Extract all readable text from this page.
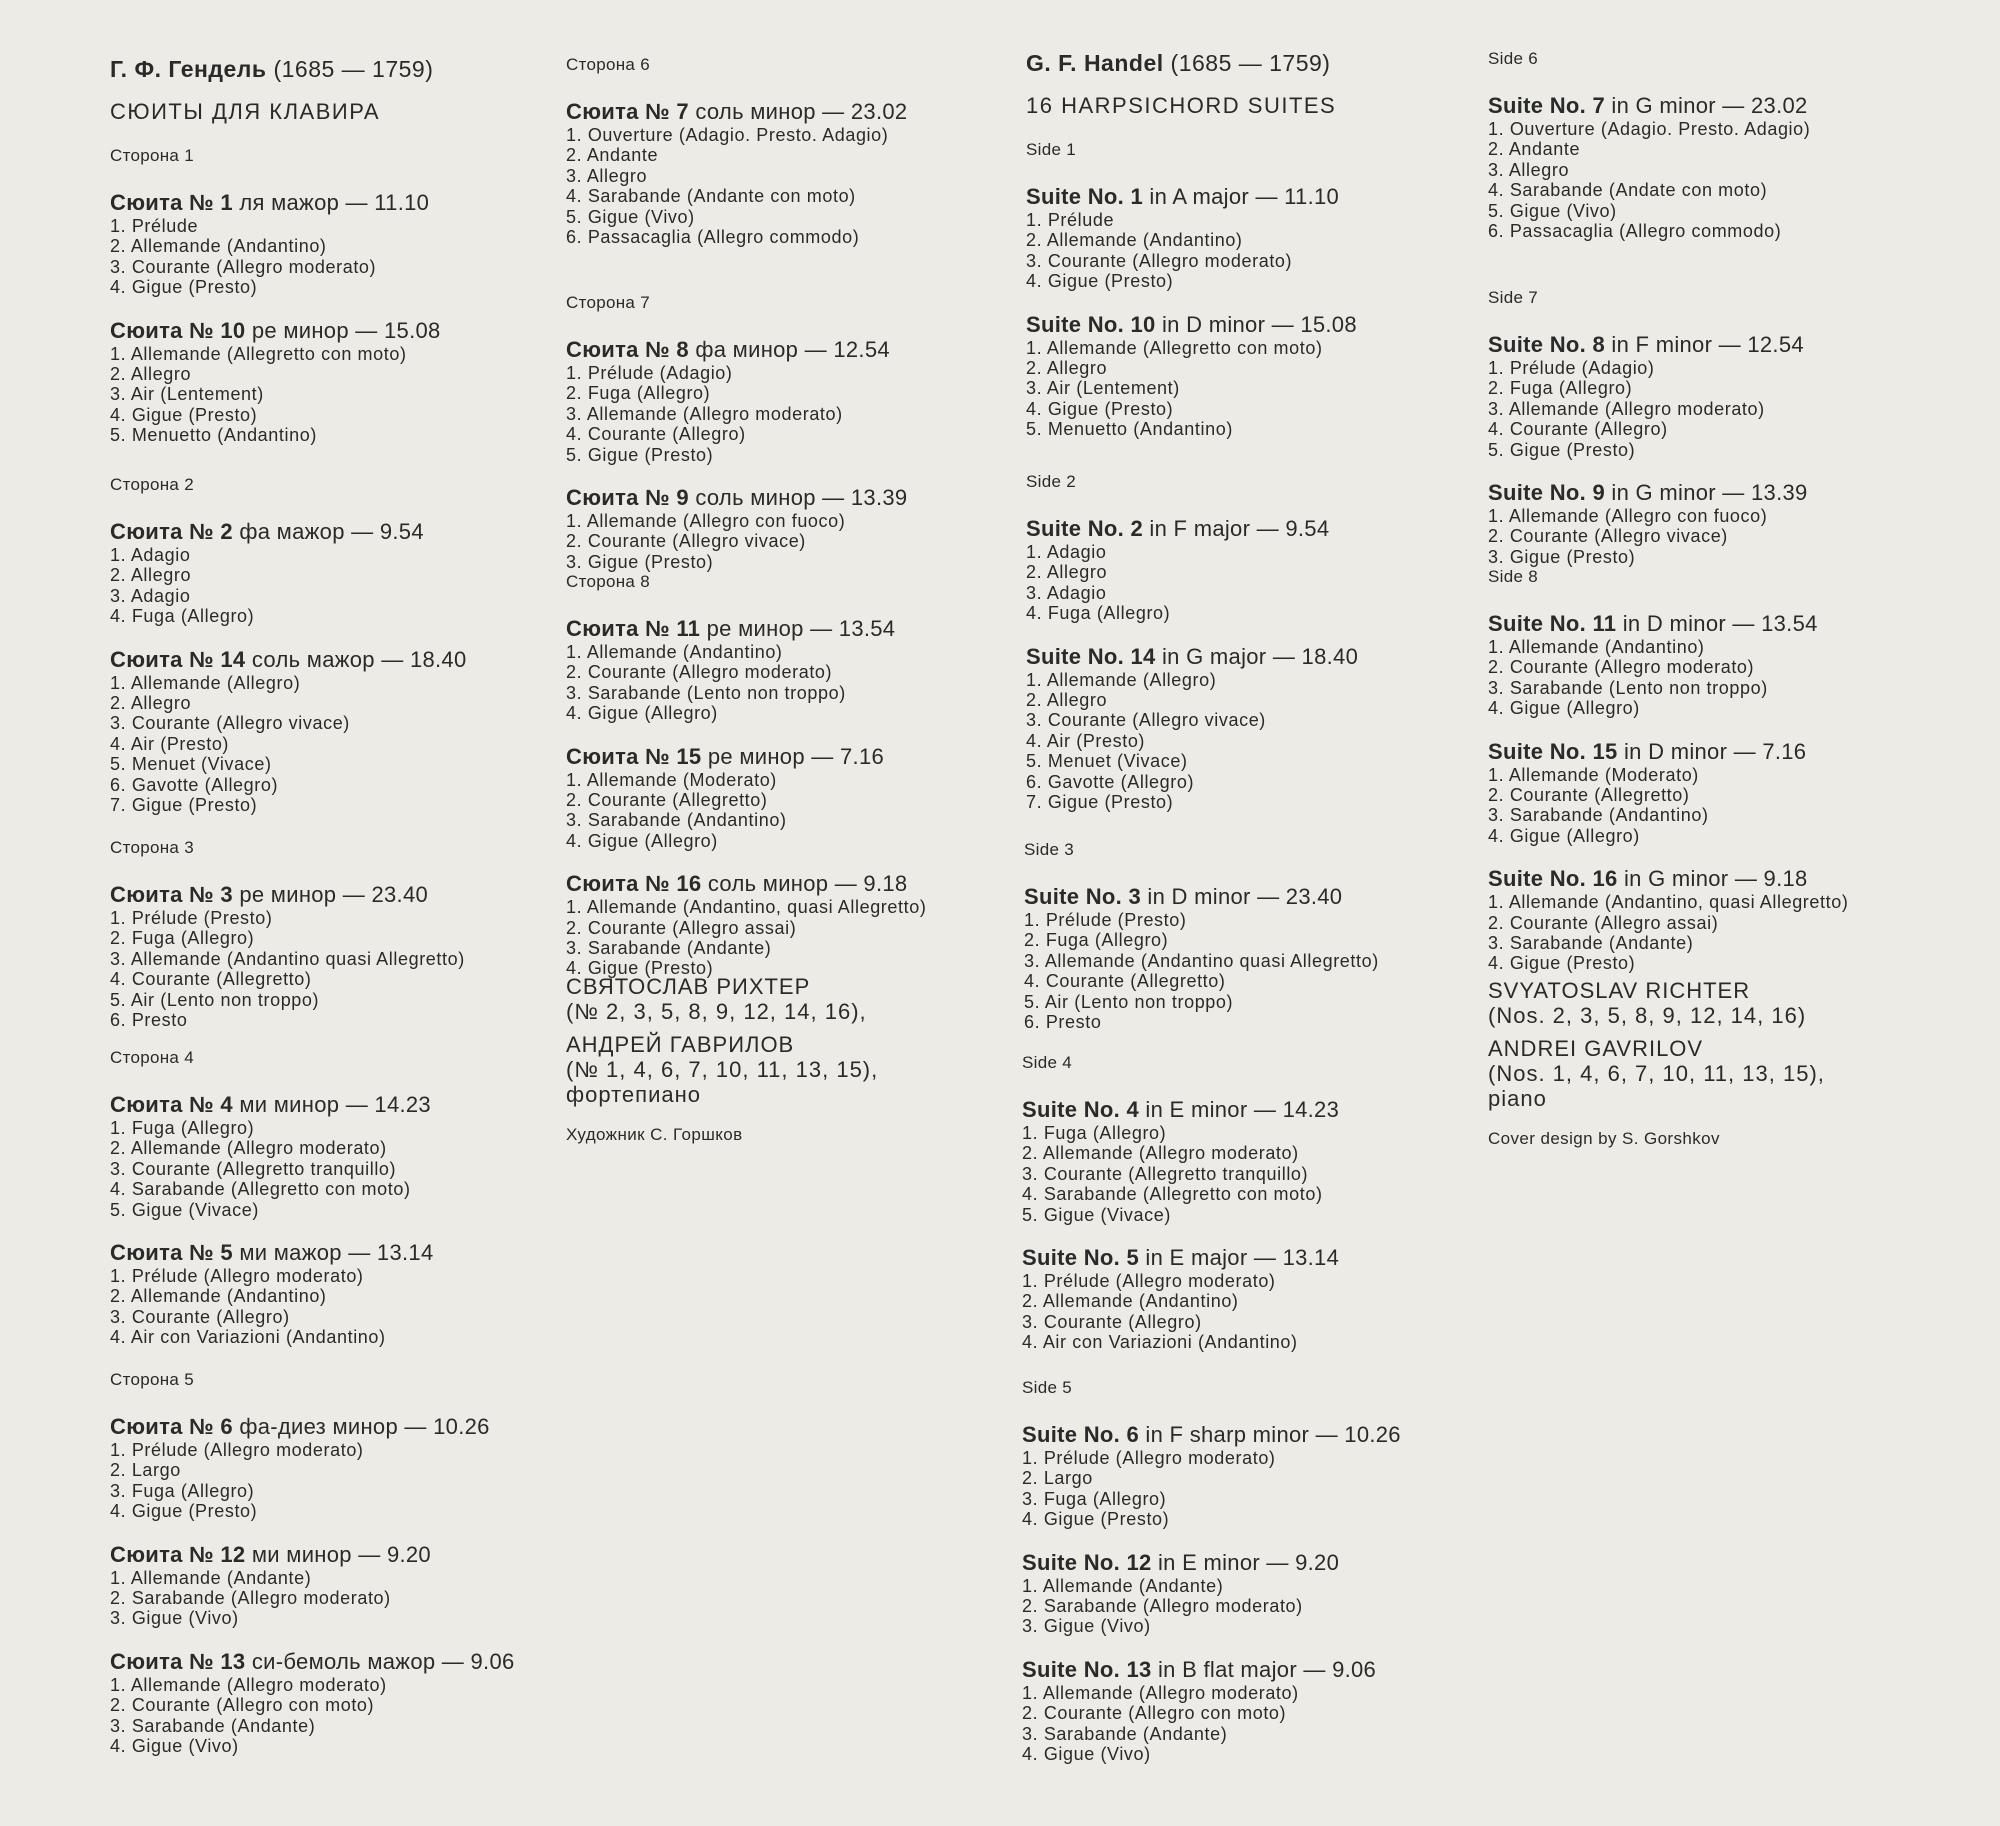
Г. Ф. Гендель (1685 — 1759)
СЮИТЫ ДЛЯ КЛАВИРА
Сторона 1
Сюита № 1 ля мажор — 11.10
1. Prélude
2. Allemande (Andantino)
3. Courante (Allegro moderato)
4. Gigue (Presto)
Сюита № 10 ре минор — 15.08
1. Allemande (Allegretto con moto)
2. Allegro
3. Air (Lentement)
4. Gigue (Presto)
5. Menuetto (Andantino)
Сторона 2
Сюита № 2 фа мажор — 9.54
1. Adagio
2. Allegro
3. Adagio
4. Fuga (Allegro)
Сюита № 14 соль мажор — 18.40
1. Allemande (Allegro)
2. Allegro
3. Courante (Allegro vivace)
4. Air (Presto)
5. Menuet (Vivace)
6. Gavotte (Allegro)
7. Gigue (Presto)
Сторона 3
Сюита № 3 ре минор — 23.40
1. Prélude (Presto)
2. Fuga (Allegro)
3. Allemande (Andantino quasi Allegretto)
4. Courante (Allegretto)
5. Air (Lento non troppo)
6. Presto
Сторона 4
Сюита № 4 ми минор — 14.23
1. Fuga (Allegro)
2. Allemande (Allegro moderato)
3. Courante (Allegretto tranquillo)
4. Sarabande (Allegretto con moto)
5. Gigue (Vivace)
Сюита № 5 ми мажор — 13.14
1. Prélude (Allegro moderato)
2. Allemande (Andantino)
3. Courante (Allegro)
4. Air con Variazioni (Andantino)
Сторона 5
Сюита № 6 фа-диез минор — 10.26
1. Prélude (Allegro moderato)
2. Largo
3. Fuga (Allegro)
4. Gigue (Presto)
Сюита № 12 ми минор — 9.20
1. Allemande (Andante)
2. Sarabande (Allegro moderato)
3. Gigue (Vivo)
Сюита № 13 си-бемоль мажор — 9.06
1. Allemande (Allegro moderato)
2. Courante (Allegro con moto)
3. Sarabande (Andante)
4. Gigue (Vivo)
Сторона 6
Сюита № 7 соль минор — 23.02
1. Ouverture (Adagio. Presto. Adagio)
2. Andante
3. Allegro
4. Sarabande (Andante con moto)
5. Gigue (Vivo)
6. Passacaglia (Allegro commodo)
Сторона 7
Сюита № 8 фа минор — 12.54
1. Prélude (Adagio)
2. Fuga (Allegro)
3. Allemande (Allegro moderato)
4. Courante (Allegro)
5. Gigue (Presto)
Сюита № 9 соль минор — 13.39
1. Allemande (Allegro con fuoco)
2. Courante (Allegro vivace)
3. Gigue (Presto)
Сторона 8
Сюита № 11 ре минор — 13.54
1. Allemande (Andantino)
2. Courante (Allegro moderato)
3. Sarabande (Lento non troppo)
4. Gigue (Allegro)
Сюита № 15 ре минор — 7.16
1. Allemande (Moderato)
2. Courante (Allegretto)
3. Sarabande (Andantino)
4. Gigue (Allegro)
Сюита № 16 соль минор — 9.18
1. Allemande (Andantino, quasi Allegretto)
2. Courante (Allegro assai)
3. Sarabande (Andante)
4. Gigue (Presto)
СВЯТОСЛАВ РИХТЕР
(№ 2, 3, 5, 8, 9, 12, 14, 16),
АНДРЕЙ ГАВРИЛОВ
(№ 1, 4, 6, 7, 10, 11, 13, 15),
фортепиано
Художник С. Горшков
G. F. Handel (1685 — 1759)
16 HARPSICHORD SUITES
Side 1
Suite No. 1 in A major — 11.10
1. Prélude
2. Allemande (Andantino)
3. Courante (Allegro moderato)
4. Gigue (Presto)
Suite No. 10 in D minor — 15.08
1. Allemande (Allegretto con moto)
2. Allegro
3. Air (Lentement)
4. Gigue (Presto)
5. Menuetto (Andantino)
Side 2
Suite No. 2 in F major — 9.54
1. Adagio
2. Allegro
3. Adagio
4. Fuga (Allegro)
Suite No. 14 in G major — 18.40
1. Allemande (Allegro)
2. Allegro
3. Courante (Allegro vivace)
4. Air (Presto)
5. Menuet (Vivace)
6. Gavotte (Allegro)
7. Gigue (Presto)
Side 3
Suite No. 3 in D minor — 23.40
1. Prélude (Presto)
2. Fuga (Allegro)
3. Allemande (Andantino quasi Allegretto)
4. Courante (Allegretto)
5. Air (Lento non troppo)
6. Presto
Side 4
Suite No. 4 in E minor — 14.23
1. Fuga (Allegro)
2. Allemande (Allegro moderato)
3. Courante (Allegretto tranquillo)
4. Sarabande (Allegretto con moto)
5. Gigue (Vivace)
Suite No. 5 in E major — 13.14
1. Prélude (Allegro moderato)
2. Allemande (Andantino)
3. Courante (Allegro)
4. Air con Variazioni (Andantino)
Side 5
Suite No. 6 in F sharp minor — 10.26
1. Prélude (Allegro moderato)
2. Largo
3. Fuga (Allegro)
4. Gigue (Presto)
Suite No. 12 in E minor — 9.20
1. Allemande (Andante)
2. Sarabande (Allegro moderato)
3. Gigue (Vivo)
Suite No. 13 in B flat major — 9.06
1. Allemande (Allegro moderato)
2. Courante (Allegro con moto)
3. Sarabande (Andante)
4. Gigue (Vivo)
Side 6
Suite No. 7 in G minor — 23.02
1. Ouverture (Adagio. Presto. Adagio)
2. Andante
3. Allegro
4. Sarabande (Andate con moto)
5. Gigue (Vivo)
6. Passacaglia (Allegro commodo)
Side 7
Suite No. 8 in F minor — 12.54
1. Prélude (Adagio)
2. Fuga (Allegro)
3. Allemande (Allegro moderato)
4. Courante (Allegro)
5. Gigue (Presto)
Suite No. 9 in G minor — 13.39
1. Allemande (Allegro con fuoco)
2. Courante (Allegro vivace)
3. Gigue (Presto)
Side 8
Suite No. 11 in D minor — 13.54
1. Allemande (Andantino)
2. Courante (Allegro moderato)
3. Sarabande (Lento non troppo)
4. Gigue (Allegro)
Suite No. 15 in D minor — 7.16
1. Allemande (Moderato)
2. Courante (Allegretto)
3. Sarabande (Andantino)
4. Gigue (Allegro)
Suite No. 16 in G minor — 9.18
1. Allemande (Andantino, quasi Allegretto)
2. Courante (Allegro assai)
3. Sarabande (Andante)
4. Gigue (Presto)
SVYATOSLAV RICHTER
(Nos. 2, 3, 5, 8, 9, 12, 14, 16)
ANDREI GAVRILOV
(Nos. 1, 4, 6, 7, 10, 11, 13, 15),
piano
Cover design by S. Gorshkov
